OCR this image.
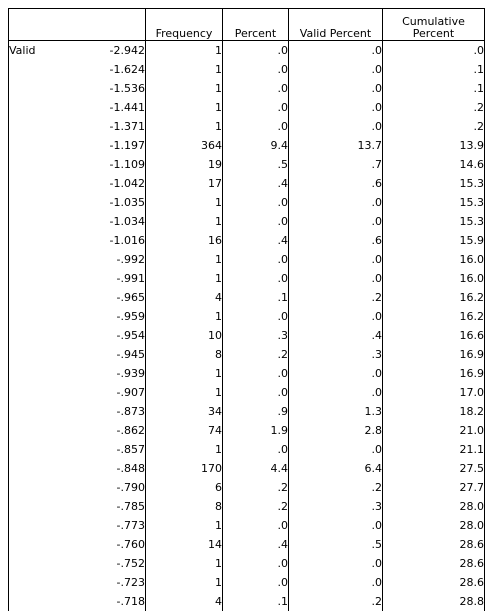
		Frequency	Percent	Valid Percent	Cumulative
Percent
Valid	-2.942	1	.0	.0	.0
	-1.624	1	.0	.0	.1
	-1.536	1	.0	.0	.1
	-1.441	1	.0	.0	.2
	-1.371	1	.0	.0	.2
	-1.197	364	9.4	13.7	13.9
	-1.109	19	.5	.7	14.6
	-1.042	17	.4	.6	15.3
	-1.035	1	.0	.0	15.3
	-1.034	1	.0	.0	15.3
	-1.016	16	.4	.6	15.9
	-.992	1	.0	.0	16.0
	-.991	1	.0	.0	16.0
	-.965	4	.1	.2	16.2
	-.959	1	.0	.0	16.2
	-.954	10	.3	.4	16.6
	-.945	8	.2	.3	16.9
	-.939	1	.0	.0	16.9
	-.907	1	.0	.0	17.0
	-.873	34	.9	1.3	18.2
	-.862	74	1.9	2.8	21.0
	-.857	1	.0	.0	21.1
	-.848	170	4.4	6.4	27.5
	-.790	6	.2	.2	27.7
	-.785	8	.2	.3	28.0
	-.773	1	.0	.0	28.0
	-.760	14	.4	.5	28.6
	-.752	1	.0	.0	28.6
	-.723	1	.0	.0	28.6
	-.718	4	.1	.2	28.8
